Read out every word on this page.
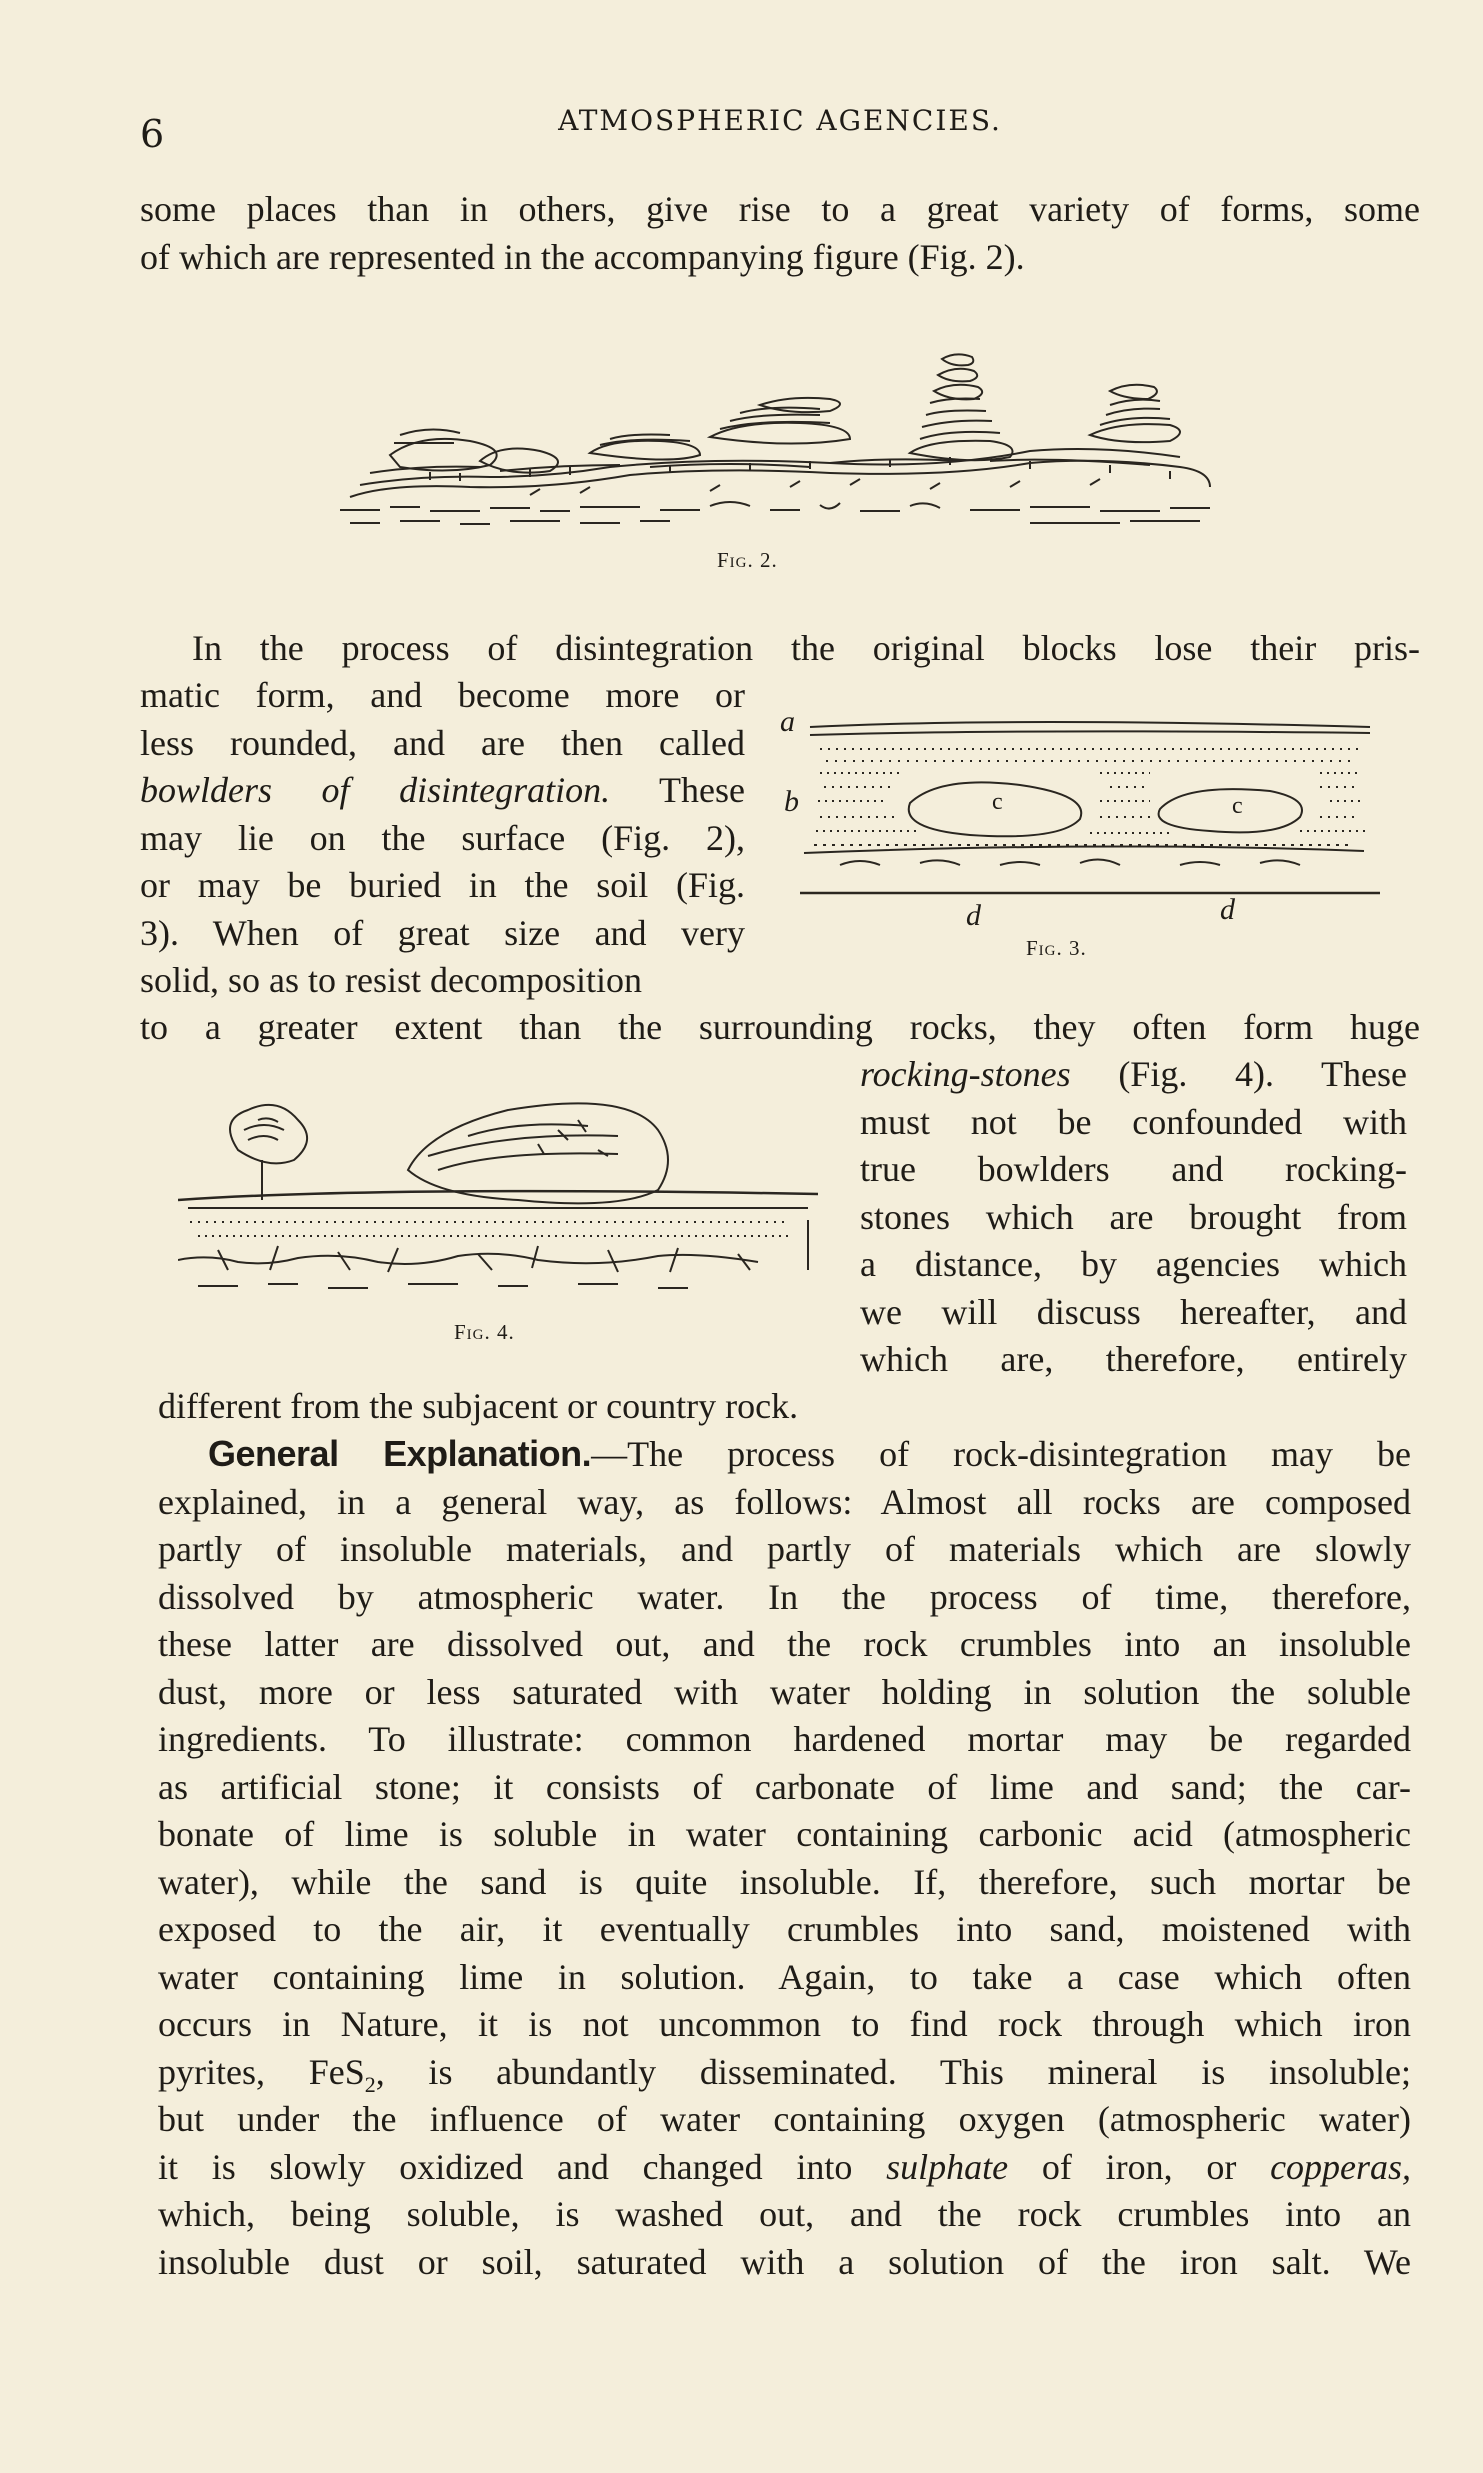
6	ATMOSPHERIC AGENCIES.
some places than in others, give rise to a great variety of forms, some
of which are represented in the accompanying figure (Fig. 2).
Fig. 2.
In the process of disintegration the original blocks lose their pris-
matic form, and become more or
less rounded, and are then called
bowlders of disintegration. These
may lie on the surface (Fig. 2),
or may be buried in the soil (Fig.
3). When of great size and very
solid, so as to resist decomposition
a
b	c	c
d	d
Fig. 3.
to a greater extent than the surrounding rocks, they often form huge
Fig. 4.
rocking-stones (Fig. 4). These
must not be confounded with
true bowlders and rocking-
stones which are brought from
a distance, by agencies which
we will discuss hereafter, and
which are, therefore, entirely
different from the subjacent or country rock.
General Explanation.—The process of rock-disintegration may be
explained, in a general way, as follows: Almost all rocks are composed
partly of insoluble materials, and partly of materials which are slowly
dissolved by atmospheric water. In the process of time, therefore,
these latter are dissolved out, and the rock crumbles into an insoluble
dust, more or less saturated with water holding in solution the soluble
ingredients. To illustrate: common hardened mortar may be regarded
as artificial stone; it consists of carbonate of lime and sand; the car-
bonate of lime is soluble in water containing carbonic acid (atmospheric
water), while the sand is quite insoluble. If, therefore, such mortar be
exposed to the air, it eventually crumbles into sand, moistened with
water containing lime in solution. Again, to take a case which often
occurs in Nature, it is not uncommon to find rock through which iron
pyrites, FeS$_2$, is abundantly disseminated. This mineral is insoluble;
but under the influence of water containing oxygen (atmospheric water)
it is slowly oxidized and changed into sulphate of iron, or copperas,
which, being soluble, is washed out, and the rock crumbles into an
insoluble dust or soil, saturated with a solution of the iron salt. We
